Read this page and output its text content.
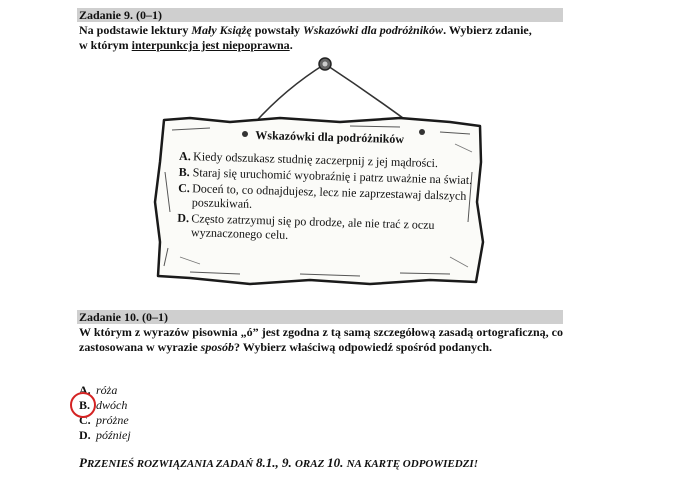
Zadanie 9. (0–1)
Na podstawie lektury Mały Książę powstały Wskazówki dla podróżników. Wybierz zdanie,
w którym interpunkcja jest niepoprawna.
Wskazówki dla podróżników
A. Kiedy odszukasz studnię zaczerpnij z jej mądrości.
B. Staraj się uruchomić wyobraźnię i patrz uważnie na świat.
C. Doceń to, co odnajdujesz, lecz nie zaprzestawaj dalszych poszukiwań.
D. Często zatrzymuj się po drodze, ale nie trać z oczu wyznaczonego celu.
Zadanie 10. (0–1)
W którym z wyrazów pisownia „ó” jest zgodna z tą samą szczegółową zasadą ortograficzną, co zastosowana w wyrazie sposób? Wybierz właściwą odpowiedź spośród podanych.
A. róża
B. dwóch
C. próżne
D. później
PRZENIEŚ ROZWIĄZANIA ZADAŃ 8.1., 9. ORAZ 10. NA KARTĘ ODPOWIEDZI!
